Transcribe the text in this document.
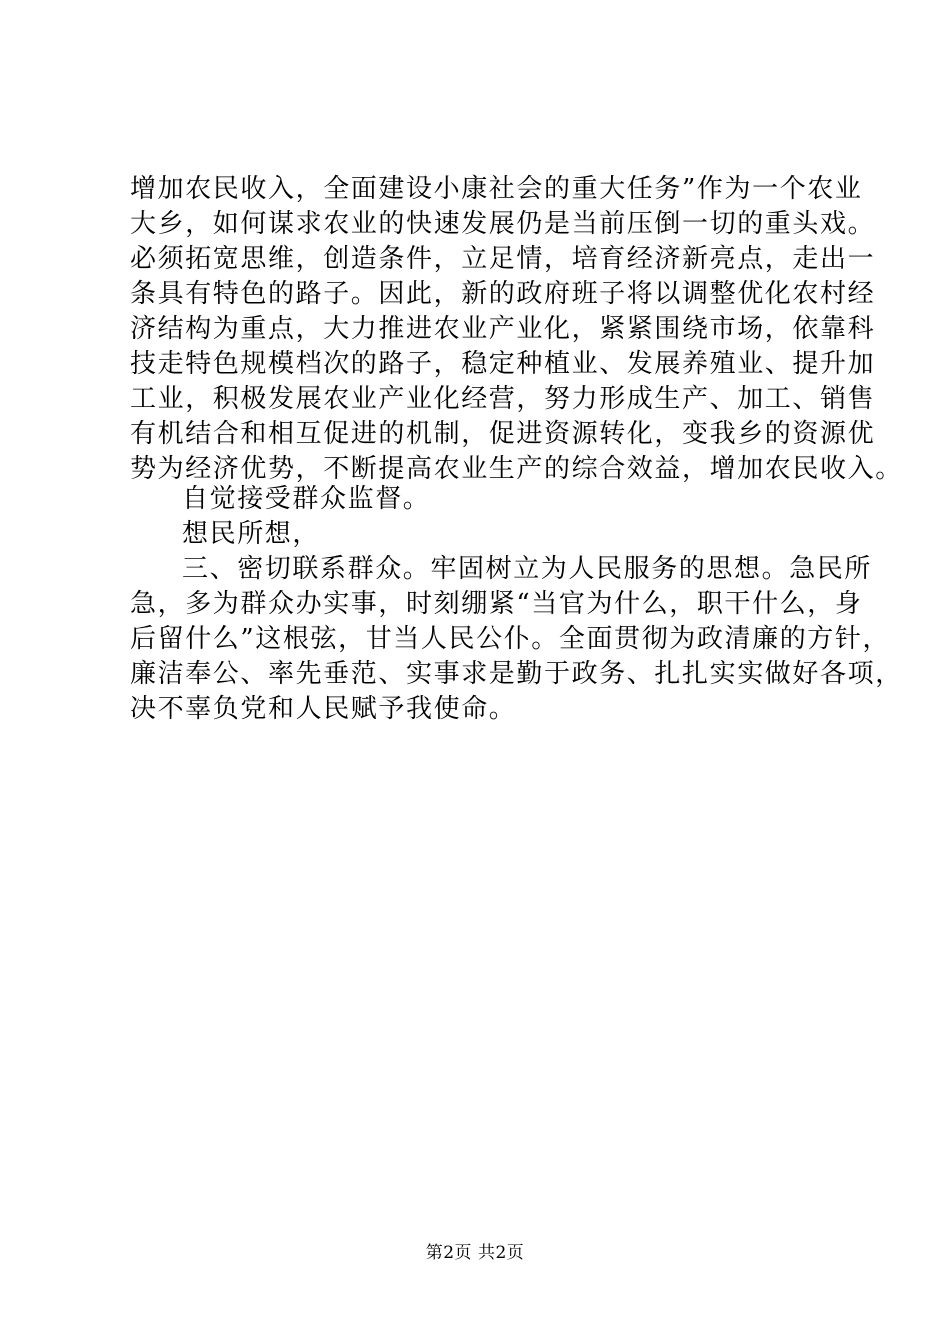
增加农民收入，全面建设小康社会的重大任务”作为一个农业
大乡，如何谋求农业的快速发展仍是当前压倒一切的重头戏。
必须拓宽思维，创造条件，立足情，培育经济新亮点，走出一
条具有特色的路子。因此，新的政府班子将以调整优化农村经
济结构为重点，大力推进农业产业化，紧紧围绕市场，依靠科
技走特色规模档次的路子，稳定种植业、发展养殖业、提升加
工业，积极发展农业产业化经营，努力形成生产、加工、销售
有机结合和相互促进的机制，促进资源转化，变我乡的资源优
势为经济优势，不断提高农业生产的综合效益，增加农民收入。
自觉接受群众监督。
想民所想，
三、密切联系群众。牢固树立为人民服务的思想。急民所
急，多为群众办实事，时刻绷紧“当官为什么，职干什么，身
后留什么”这根弦，甘当人民公仆。全面贯彻为政清廉的方针，
廉洁奉公、率先垂范、实事求是勤于政务、扎扎实实做好各项，
决不辜负党和人民赋予我使命。
第2页 共2页
